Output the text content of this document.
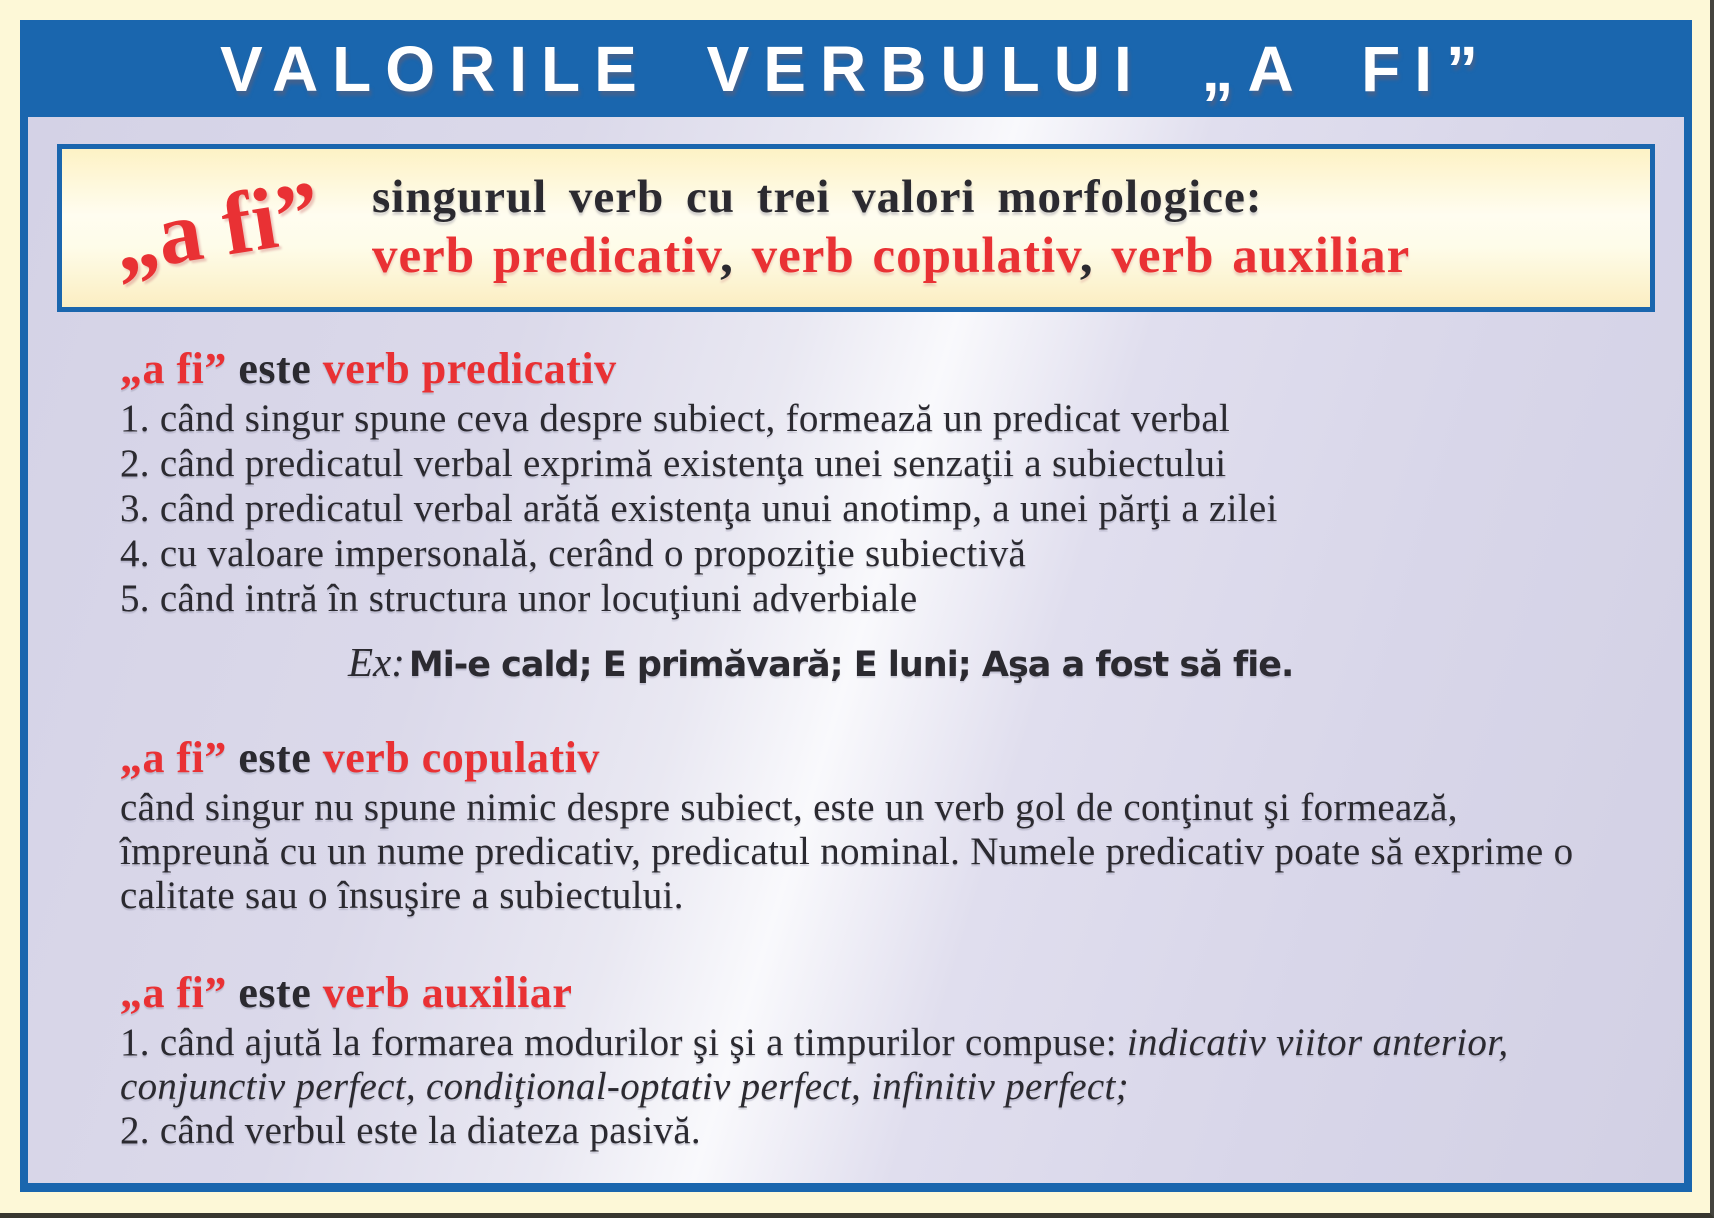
VALORILE VERBULUI „A FI”
„a fi” singurul verb cu trei valori morfologice:
verb predicativ, verb copulativ, verb auxiliar
„a fi” este verb predicativ
1. când singur spune ceva despre subiect, formează un predicat verbal
2. când predicatul verbal exprimă existenţa unei senzaţii a subiectului
3. când predicatul verbal arătă existenţa unui anotimp, a unei părţi a zilei
4. cu valoare impersonală, cerând o propoziţie subiectivă
5. când intră în structura unor locuţiuni adverbiale
Ex: Mi-e cald; E primăvară; E luni; Aşa a fost să fie.
„a fi” este verb copulativ
când singur nu spune nimic despre subiect, este un verb gol de conţinut şi formează, împreună cu un nume predicativ, predicatul nominal. Numele predicativ poate să exprime o calitate sau o însuşire a subiectului.
„a fi” este verb auxiliar
1. când ajută la formarea modurilor şi şi a timpurilor compuse: indicativ viitor anterior, conjunctiv perfect, condiţional-optativ perfect, infinitiv perfect;
2. când verbul este la diateza pasivă.
